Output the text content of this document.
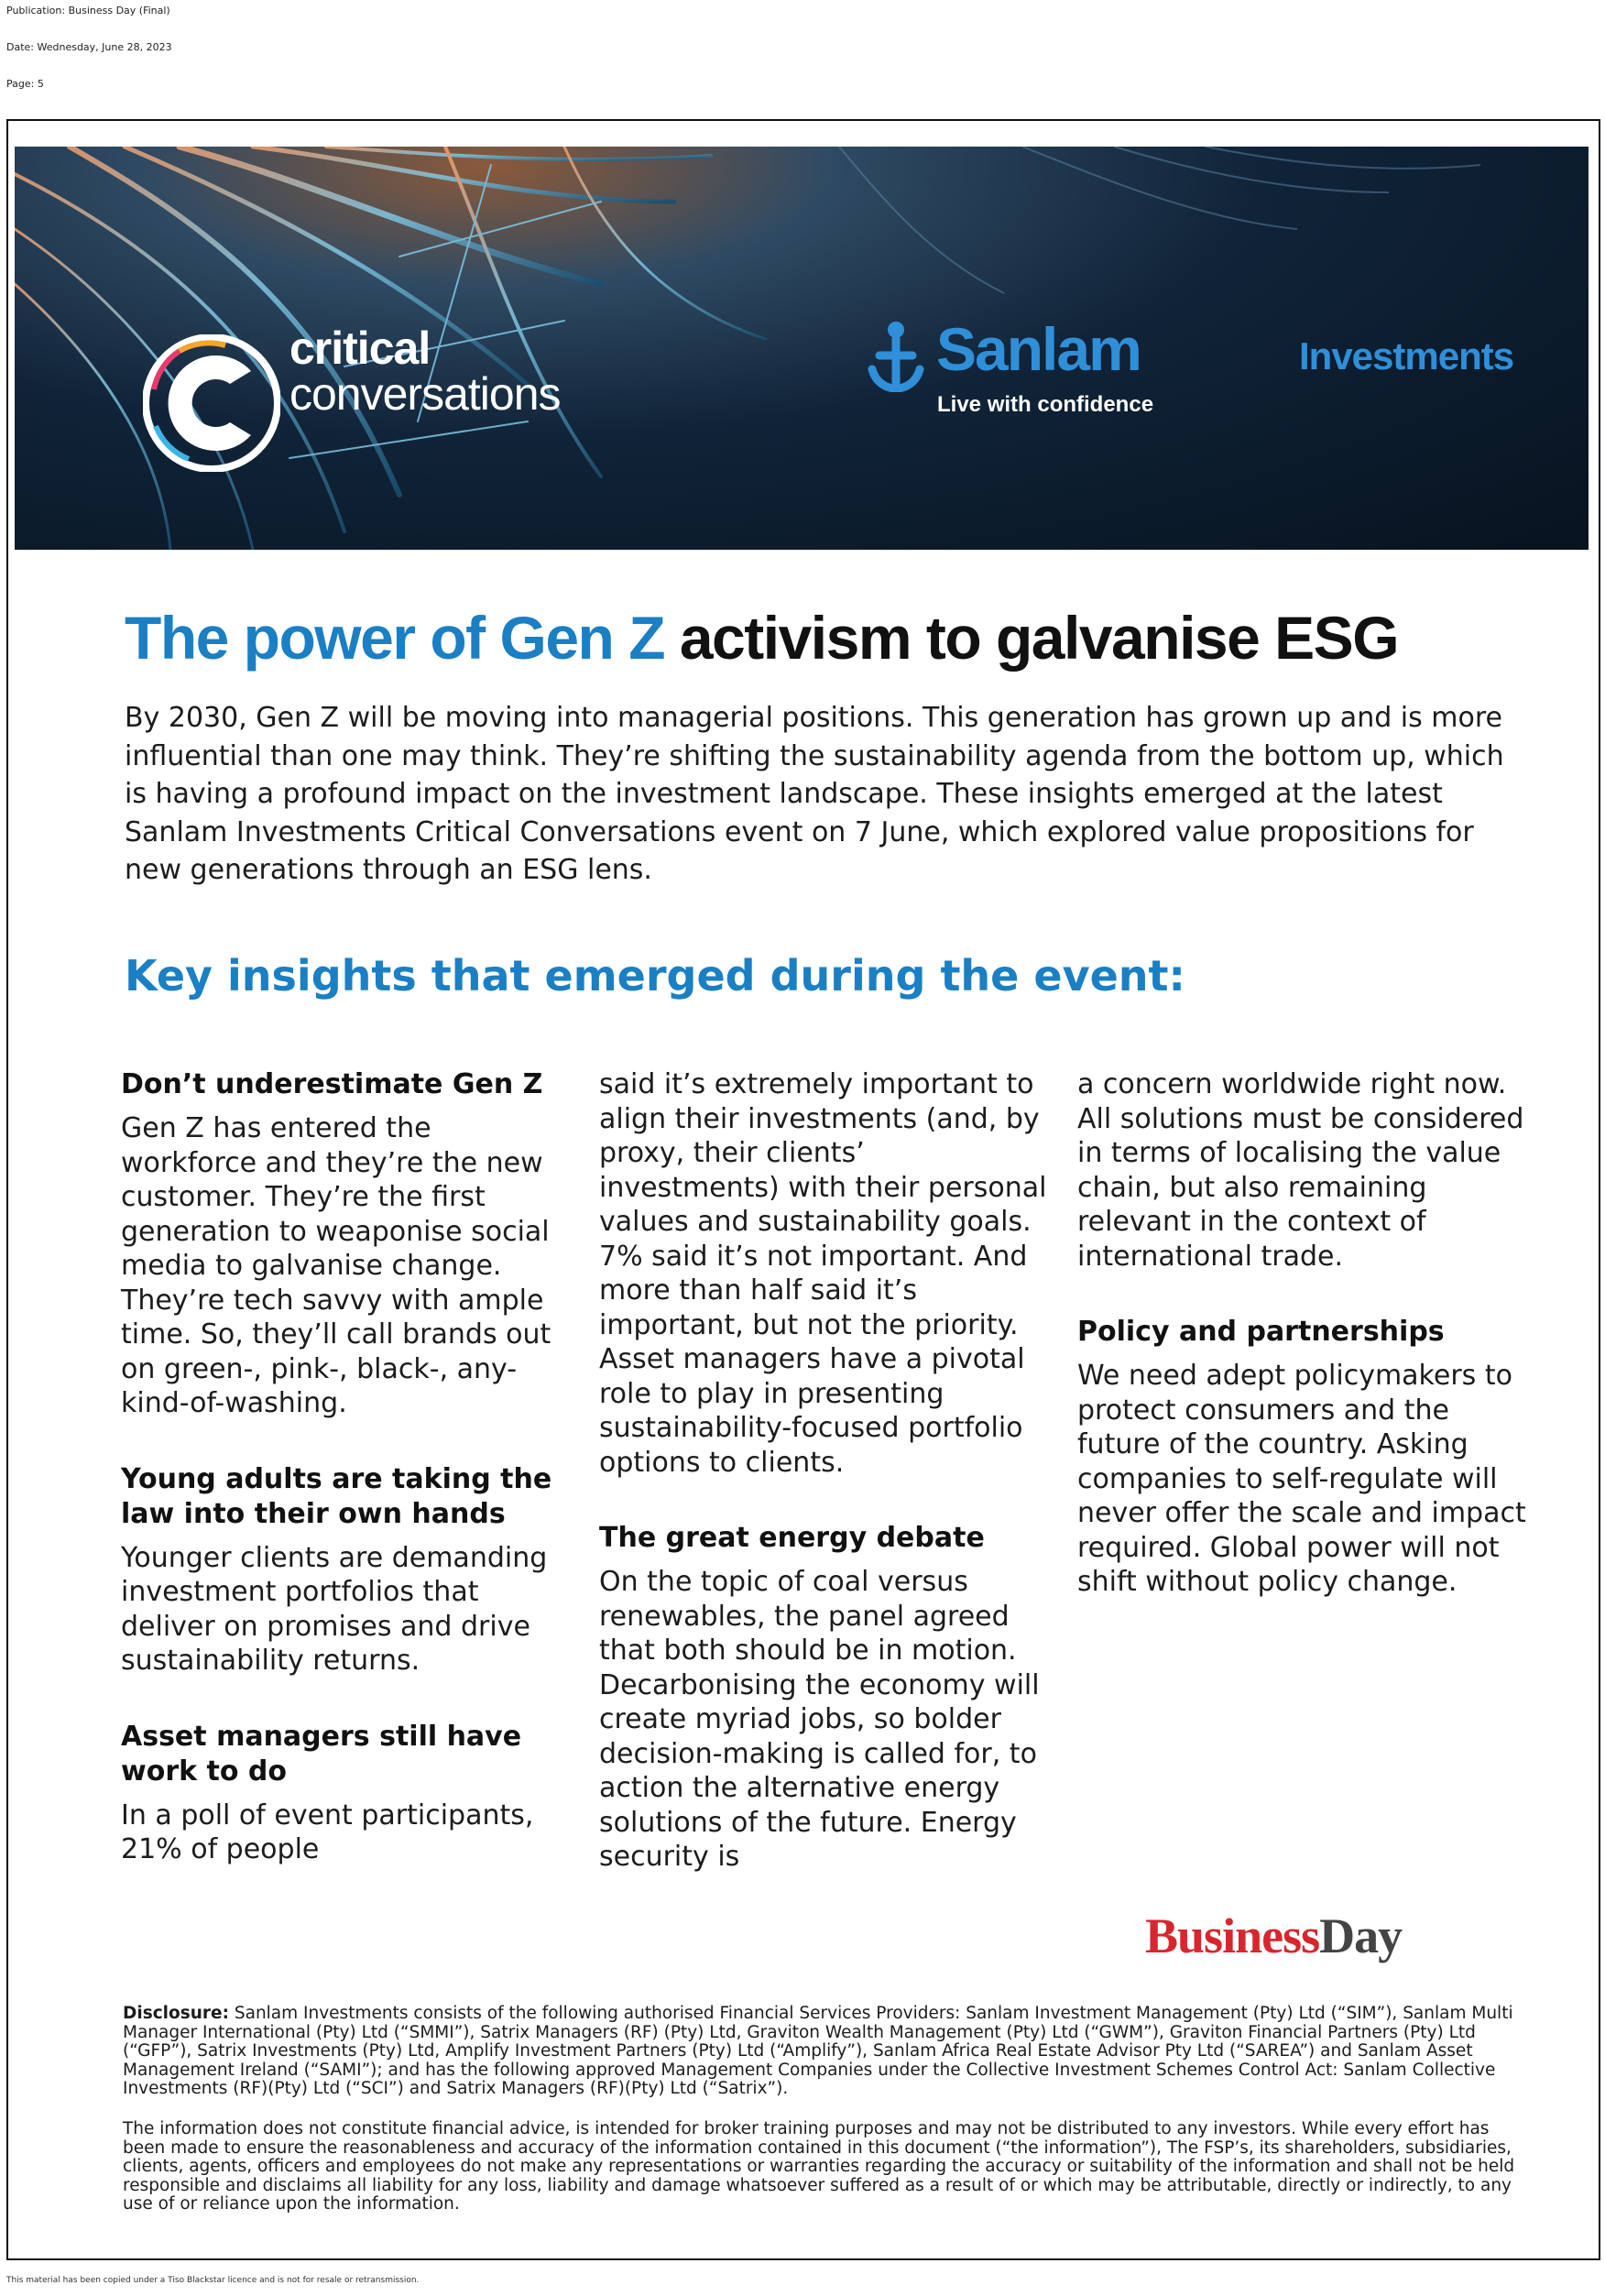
Publication: Business Day (Final)
Date: Wednesday, June 28, 2023
Page: 5
critical
conversations
Sanlam
Live with confidence
Investments
The power of Gen Z activism to galvanise ESG

By 2030, Gen Z will be moving into managerial positions. This generation has grown up and is more influential than one may think. They’re shifting the sustainability agenda from the bottom up, which is having a profound impact on the investment landscape. These insights emerged at the latest Sanlam Investments Critical Conversations event on 7 June, which explored value propositions for new generations through an ESG lens.

Key insights that emerged during the event:
Don’t underestimate Gen Z

Gen Z has entered the workforce and they’re the new customer. They’re the first generation to weaponise social media to galvanise change. They’re tech savvy with ample time. So, they’ll call brands out on green-, pink-, black-, any-kind-of-washing.

Young adults are taking the law into their own hands

Younger clients are demanding investment portfolios that deliver on promises and drive sustainability returns.

Asset managers still have work to do

In a poll of event participants, 21% of people

said it’s extremely important to align their investments (and, by proxy, their clients’ investments) with their personal values and sustainability goals. 7% said it’s not important. And more than half said it’s important, but not the priority. Asset managers have a pivotal role to play in presenting sustainability-focused portfolio options to clients.

The great energy debate

On the topic of coal versus renewables, the panel agreed that both should be in motion. Decarbonising the economy will create myriad jobs, so bolder decision-making is called for, to action the alternative energy solutions of the future. Energy security is

a concern worldwide right now. All solutions must be considered in terms of localising the value chain, but also remaining relevant in the context of international trade.

Policy and partnerships

We need adept policymakers to protect consumers and the future of the country. Asking companies to self-regulate will never offer the scale and impact required. Global power will not shift without policy change.

BusinessDay

Disclosure: Sanlam Investments consists of the following authorised Financial Services Providers: Sanlam Investment Management (Pty) Ltd (“SIM”), Sanlam Multi Manager International (Pty) Ltd (“SMMI”), Satrix Managers (RF) (Pty) Ltd, Graviton Wealth Management (Pty) Ltd (“GWM”), Graviton Financial Partners (Pty) Ltd (“GFP”), Satrix Investments (Pty) Ltd, Amplify Investment Partners (Pty) Ltd (“Amplify”), Sanlam Africa Real Estate Advisor Pty Ltd (“SAREA”) and Sanlam Asset Management Ireland (“SAMI”); and has the following approved Management Companies under the Collective Investment Schemes Control Act: Sanlam Collective Investments (RF)(Pty) Ltd (“SCI”) and Satrix Managers (RF)(Pty) Ltd (“Satrix”).

The information does not constitute financial advice, is intended for broker training purposes and may not be distributed to any investors. While every effort has been made to ensure the reasonableness and accuracy of the information contained in this document (“the information”), The FSP’s, its shareholders, subsidiaries, clients, agents, officers and employees do not make any representations or warranties regarding the accuracy or suitability of the information and shall not be held responsible and disclaims all liability for any loss, liability and damage whatsoever suffered as a result of or which may be attributable, directly or indirectly, to any use of or reliance upon the information.

This material has been copied under a Tiso Blackstar licence and is not for resale or retransmission.
